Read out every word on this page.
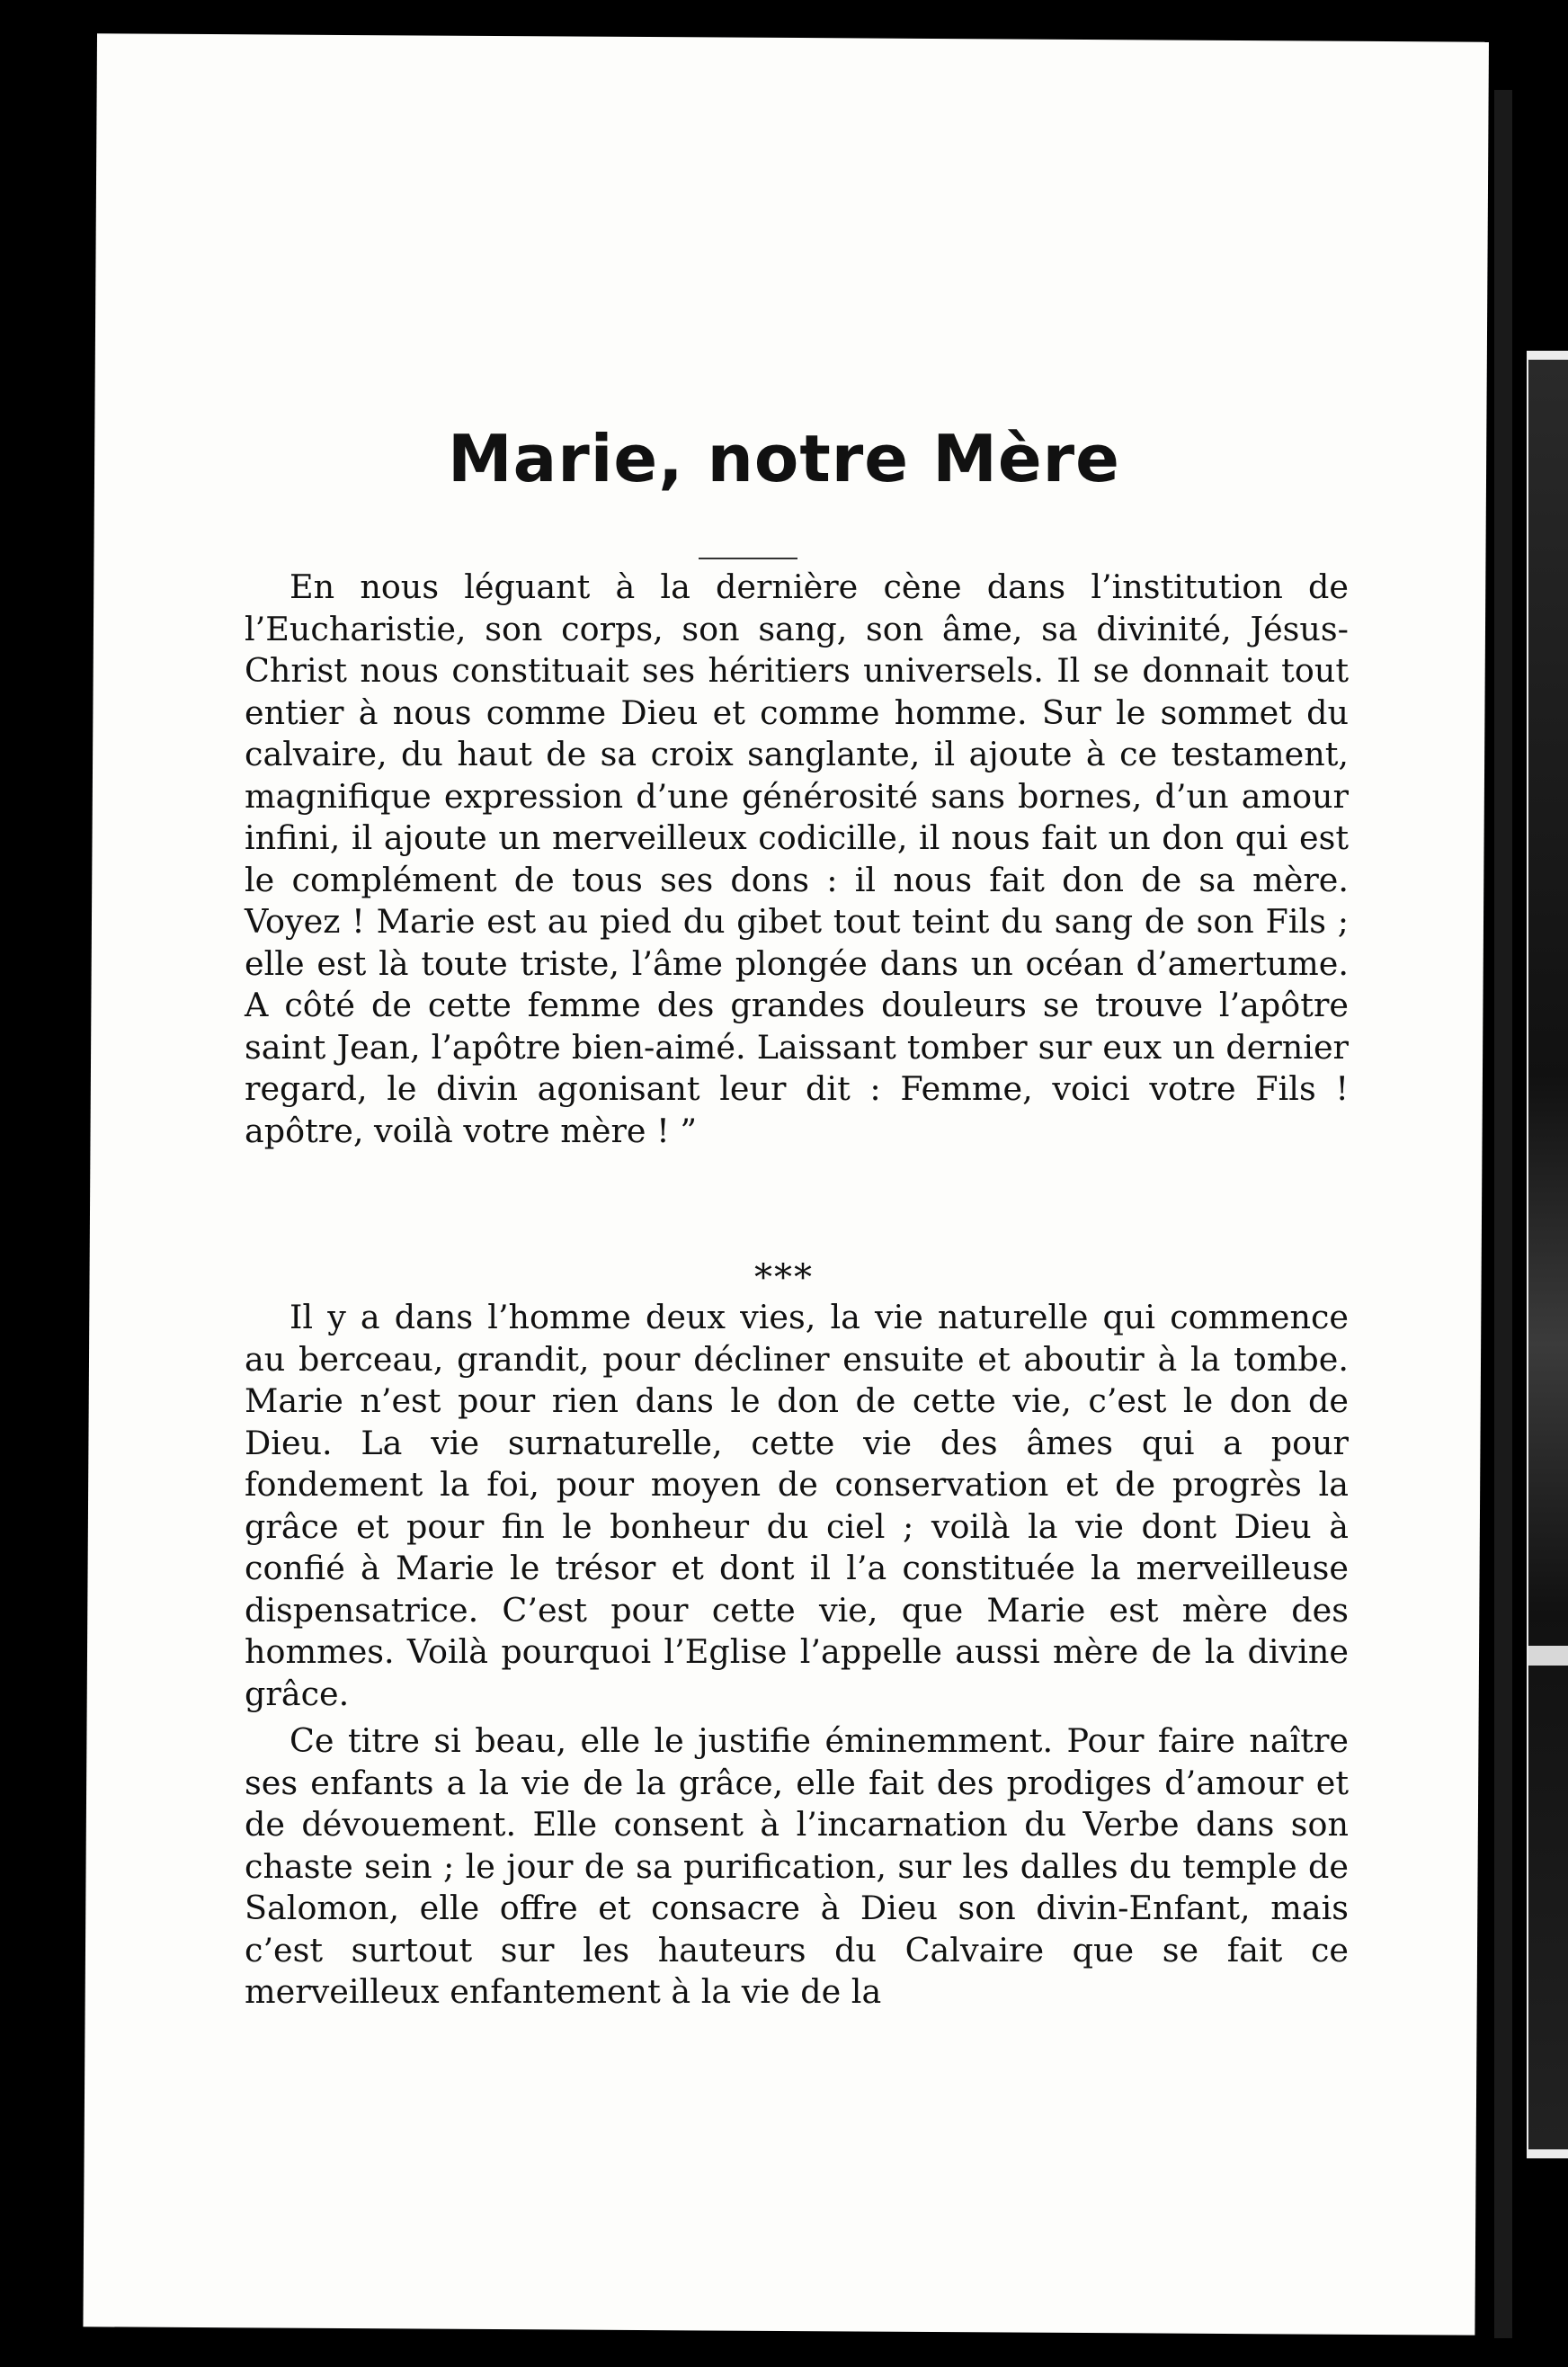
Marie, notre Mère

En nous léguant à la dernière cène dans l’institution de l’Eucharistie, son corps, son sang, son âme, sa divinité, Jésus-Christ nous constituait ses héritiers universels. Il se donnait tout entier à nous comme Dieu et comme homme. Sur le sommet du calvaire, du haut de sa croix sanglante, il ajoute à ce testament, magnifique expression d’une générosité sans bornes, d’un amour infini, il ajoute un merveilleux codicille, il nous fait un don qui est le complément de tous ses dons : il nous fait don de sa mère. Voyez ! Marie est au pied du gibet tout teint du sang de son Fils ; elle est là toute triste, l’âme plongée dans un océan d’amertume. A côté de cette femme des grandes douleurs se trouve l’apôtre saint Jean, l’apôtre bien-aimé. Laissant tomber sur eux un dernier regard, le divin agonisant leur dit : Femme, voici votre Fils ! apôtre, voilà votre mère ! ”

***

Il y a dans l’homme deux vies, la vie naturelle qui commence au berceau, grandit, pour décliner ensuite et aboutir à la tombe. Marie n’est pour rien dans le don de cette vie, c’est le don de Dieu. La vie surnaturelle, cette vie des âmes qui a pour fondement la foi, pour moyen de conservation et de progrès la grâce et pour fin le bonheur du ciel ; voilà la vie dont Dieu à confié à Marie le trésor et dont il l’a constituée la merveilleuse dispensatrice. C’est pour cette vie, que Marie est mère des hommes. Voilà pourquoi l’Eglise l’appelle aussi mère de la divine grâce.

Ce titre si beau, elle le justifie éminemment. Pour faire naître ses enfants a la vie de la grâce, elle fait des prodiges d’amour et de dévouement. Elle consent à l’incarnation du Verbe dans son chaste sein ; le jour de sa purification, sur les dalles du temple de Salomon, elle offre et consacre à Dieu son divin-Enfant, mais c’est surtout sur les hauteurs du Calvaire que se fait ce merveilleux enfantement à la vie de la
